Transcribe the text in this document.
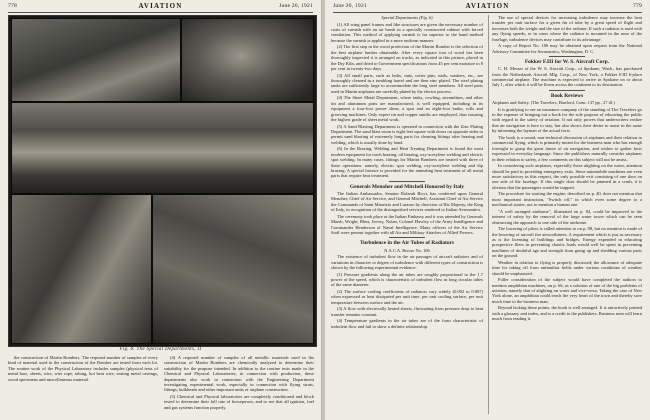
778	AVIATION	June 20, 1921
Fig. 6. The Special Departments, II

the construction of Martin Bombers. The required number of samples of every kind of material used in the construction of the Bomber are tested from each lot. The routine work of the Physical Laboratory includes samples (physical tests of metal bars, sheets, wire, wire rope, tubing, hot beat wire, seating metal castings, wood specimens and miscellaneous material.

(4) A required number of samples of all metallic materials used in the construction of Martin Bombers are chemically analyzed to determine their suitability for the purpose intended. In addition to the routine tests made in the Chemical and Physical Laboratories, in connection with production, these departments also work in connection with the Engineering Department investigating experimental work, especially in connection with flying struts, fittings, bulkheads and other important units of airplane construction.

(5) Chemical and Physical laboratories are completely conditioned and block tested to determine their full rate of horsepower, and to see that all ignition, fuel and gas systems function properly.

June 20, 1921	AVIATION	779
Special Departments (Fig. 6)

(1) All wing panel frames and like structures are given the necessary number of coats of varnish with an air brush in a specially constructed cabinet with forced ventilation. This method of applying varnish is far superior to the hand method because the varnish is applied in a more uniform manner.

(2) The first step in the wood protection of the Martin Bomber is the selection of the best airplane lumber obtainable. After every square foot of wood has been thoroughly inspected it is arranged on trucks, as indicated in this picture, placed in the Dry Kiln, and dried to Government specifications from 45 per cent moisture to 8 per cent in twenty-two days.

(3) All small parts, such as bolts, nuts, cotter pins, nails, washers, etc., are thoroughly cleaned in a tumbling barrel and are then zinc plated. The steel plating tanks are sufficiently large to accommodate the long steel members. All steel parts used in Martin airplanes are carefully plated by the electro process.

(4) The Sheet Metal Department, where tanks, cowling, streamlines, and other tin and aluminum parts are manufactured, is well equipped, including in its equipment a four-foot power shear, a spot and an eight-foot brake, rolls and grooving machines. Only expert tin and copper smiths are employed, thus insuring the highest grade of sheet metal work.

(5) A Sand Blasting Department is operated in connection with the Zinc Plating Department. The sand blast room is eight feet square with doors on opposite sides to permit sand blasting of extremely long parts for cleaning fittings after brazing and welding, which is usually done by hand.

(6) In the Brazing, Welding and Heat Treating Department is found the most modern equipment for torch brazing, oil brazing, oxy-acetylene welding and electric spot welding. In many cases, fittings for Martin Bombers are treated with three of these operations: namely, electric spot welding, oxy-acetylene welding and dip brazing. A special furnace is provided for the annealing heat treatment of all metal parts that require heat treatment.

Generals Menoher and Mitchell Honored by Italy

The Italian Ambassador, Senator Rolandi Ricci, has conferred upon General Menoher, Chief of Air Service, and General Mitchell, Assistant Chief of Air Service the Commands of Saint Maurizio and Lazzaro by direction of His Majesty, the King of Italy, in recognition of the distinguished services rendered to Italian Aeronautics.

The ceremony took place at the Italian Embassy and it was attended by Generals Marsh, Wright, Rhea, Jervey, Nolan, Colonel Hawley of the Army Intelligence and Commander Henderson of Naval Intelligence. Many officers of the Air Service Staff were present together with all Air and Military Attaches of Allied Powers.

Turbulence in the Air Tubes of Radiators
N.A.C.A. Report No. 106

The existence of turbulent flow in the air passages of aircraft radiators and of variations in character or degree of turbulence with different types of construction is shown by the following experimental evidence:

(1) Pressure gradients along the air tubes are roughly proportional to the 1.7 power of the speed, which is characteristic of turbulent flow in long circular tubes of the same diameter.

(2) The surface cooling coefficients of radiators vary widely (0.002 to 0.007) when expressed as heat dissipated per unit time, per unit cooling surface, per unit temperature between surface and the air.

(3) A flow with electrically heated sheets, fluctuating from pressure drop to heat transfer remains constant.

(4) Temperature gradients in the air tubes are of the form characteristic of turbulent flow and fail to show a definite relationship.

The use of special devices for increasing turbulence may increase the heat transfer per unit surface for a given fin of tube by a great speed of flight and increases both the weight and the size of the radiator. If such a radiator is used with any flying speeds, or in cases where the radiator is mounted in the nose of the fuselage, turbulence devices may contribute to its advantage.

A copy of Report No. 106 may be obtained upon request from the National Advisory Committee for Aeronautics, Washington, D. C.

Fokker F.III for W. S. Aircraft Corp.

C. H. Messer of the W. S. Aircraft Corp., of Spokane, Wash., has purchased from the Netherlands Aircraft Mfg. Corp., of New York, a Fokker F.III 6-place commercial airplane. The machine is expected to arrive in Spokane on or about July 1, after which it will be flown across the continent to its destination.

Book Reviews

Airplanes and Safety. (The Travelers, Hartford, Conn. 137 pp., 27 ill.)

It is gratifying to see an insurance company of the standing of The Travelers go to the expense of bringing out a book for the sole purpose of educating the public with regard to the safety of aviation. It not only proves that underwriters realize that air navigation is here to stay, but also shows their desire to assist in the same by informing the layman of the actual facts.

The book is a sound, non-technical discussion of airplanes and their relation to commercial flying, which is primarily meant for the business man who has enough foresight to grasp the great future of air navigation, and wishes to gather facts expressed in everyday language. Since the publishers naturally consider airplanes in their relation to safety, a few comments on this subject will not be amiss.

In considering such airplanes, especially those alighting on the water, attention should be paid to providing emergency exits. Since automobile machines are even more satisfactory in this respect, the only possible exit consisting of one door on one side of the fuselage. If this single door should be jammed in a crash, it is obvious that the passengers would be trapped.

The procedure for starting the engine, described on p. 40, does not mention that most important instruction, "Switch off," in which even some degree to a mechanical starter, not to mention a human one.

"A well arranged airdrome", illustrated on p. 84, could be improved in the interest of safety by the removal of the large water tower which can be seen obstructing the approach to one side of the airdrome.

The lowering of pilots is called attention to on p. 98, but no mention is made of the lowering of aircraft fire airworthiness. A requirement which is just as necessary as is the licensing of buildings and bridges. Energy expended in educating prospective fliers in preventing chaotic loads would well be spent in preventing machines of doubtful age and strength from going up and shedding various parts on the ground.

Weather in relation to flying is properly discussed; the allowance of adequate time for taking off from unfamiliar fields under various conditions of weather should be emphasized.

Fuller consideration of the subject would have completed the authors to mention amphibian machines, on p. 66, as a solution of one of the big problems of aviation, namely that of alighting on water and vice-versa. Taking the case of New York alone, an amphibian could reach the very heart of the town and thereby save much time to the business man.

Beyond lacking these points, the book is well arranged. It is attractively printed with a glossary and index, and is a credit to the publishers. Business men will learn much from reading it.
